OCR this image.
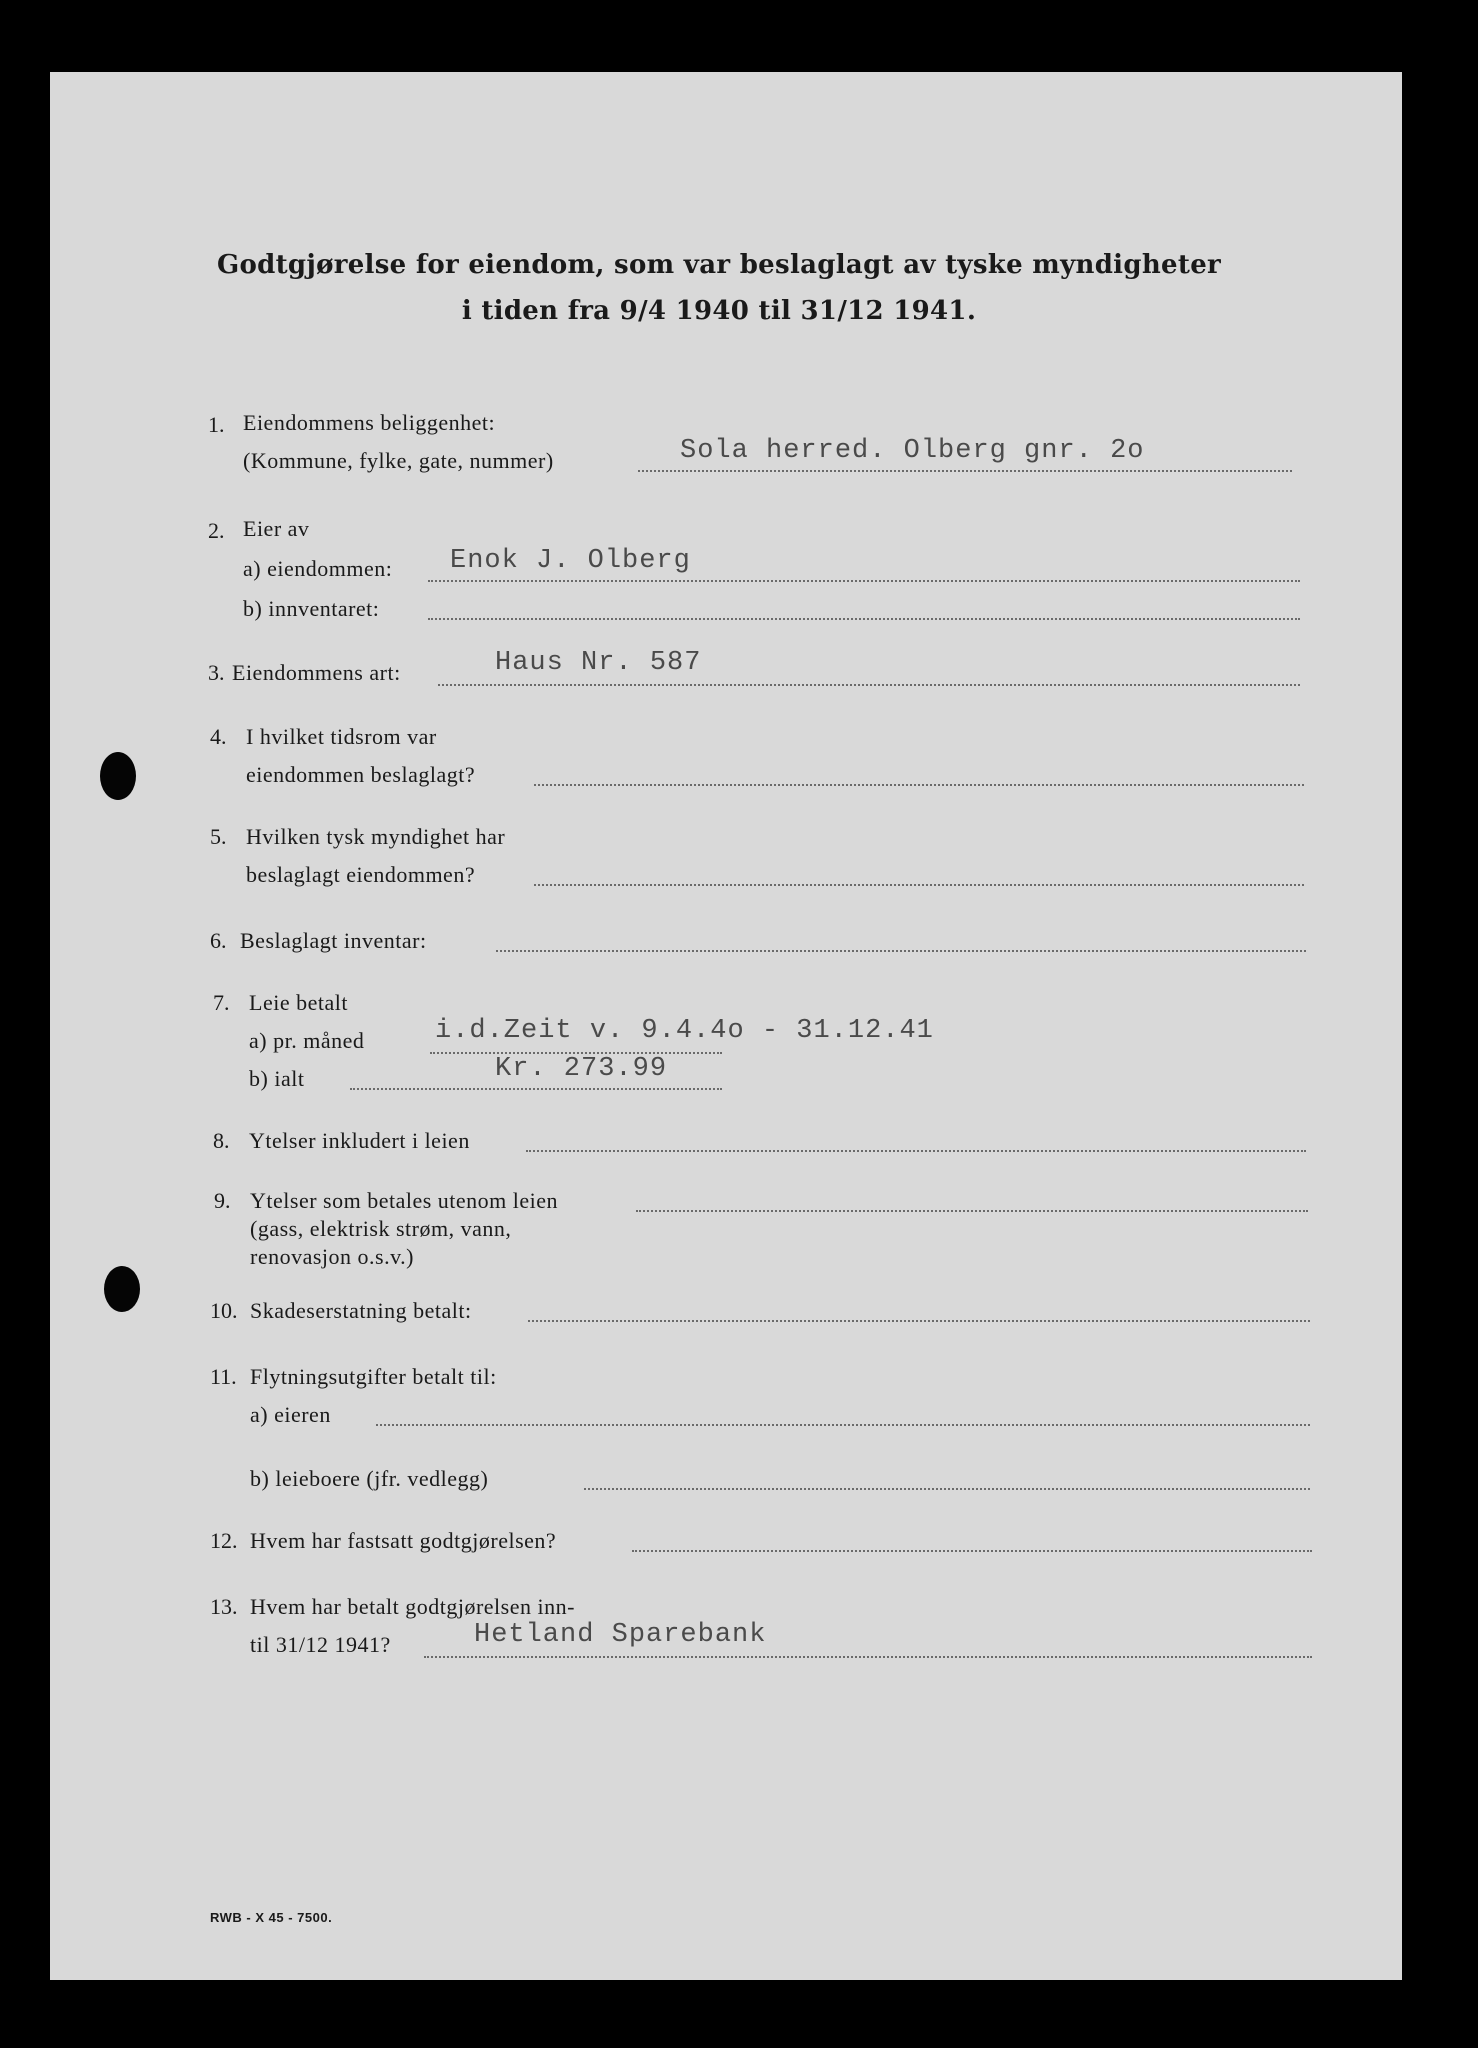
Godtgjørelse for eiendom, som var beslaglagt av tyske myndigheter
i tiden fra 9/4 1940 til 31/12 1941.
1. Eiendommens beliggenhet:
(Kommune, fylke, gate, nummer)	Sola herred. Olberg gnr. 2o
2. Eier av
a) eiendommen: Enok J. Olberg
b) innventaret:
3. Eiendommens art:	Haus Nr. 587
4. I hvilket tidsrom var
eiendommen beslaglagt?
5. Hvilken tysk myndighet har
beslaglagt eiendommen?
6. Beslaglagt inventar:
7. Leie betalt
a) pr. måned	i.d.Zeit v. 9.4.4o - 31.12.41
b) ialt	Kr. 273.99
8. Ytelser inkludert i leien
9. Ytelser som betales utenom leien
(gass, elektrisk strøm, vann,
renovasjon o.s.v.)
10. Skadeserstatning betalt:
11. Flytningsutgifter betalt til:
a) eieren
b) leieboere (jfr. vedlegg)
12. Hvem har fastsatt godtgjørelsen?
13. Hvem har betalt godtgjørelsen inn-
til 31/12 1941?	Hetland Sparebank
RWB - X 45 - 7500.
